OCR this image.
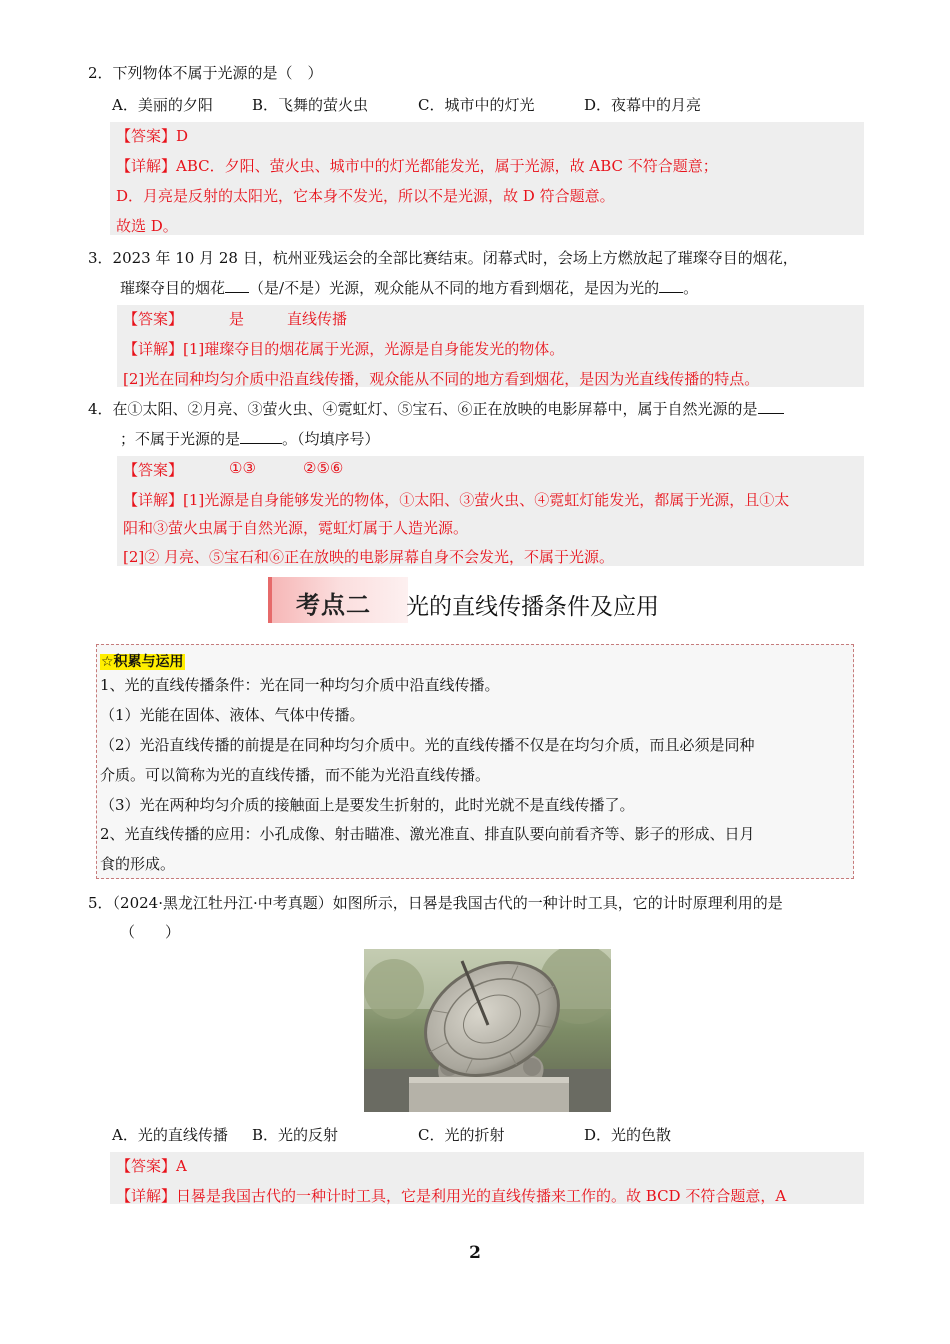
2．下列物体不属于光源的是（　）
A．美丽的夕阳	B．飞舞的萤火虫	C．城市中的灯光	D．夜幕中的月亮
【答案】D
【详解】ABC．夕阳、萤火虫、城市中的灯光都能发光，属于光源，故 ABC 不符合题意；
D．月亮是反射的太阳光，它本身不发光，所以不是光源，故 D 符合题意。
故选 D。
3．2023 年 10 月 28 日，杭州亚残运会的全部比赛结束。闭幕式时，会场上方燃放起了璀璨夺目的烟花，
璀璨夺目的烟花 （是/不是）光源，观众能从不同的地方看到烟花，是因为光的 。
【答案】	是	直线传播
【详解】[1]璀璨夺目的烟花属于光源，光源是自身能发光的物体。
[2]光在同种均匀介质中沿直线传播，观众能从不同的地方看到烟花，是因为光直线传播的特点。
4．在①太阳、②月亮、③萤火虫、④霓虹灯、⑤宝石、⑥正在放映的电影屏幕中，属于自然光源的是
；不属于光源的是	。（均填序号）
【答案】	①③	②⑤⑥
【详解】[1]光源是自身能够发光的物体，①太阳、③萤火虫、④霓虹灯能发光，都属于光源，且①太
阳和③萤火虫属于自然光源，霓虹灯属于人造光源。
[2]② 月亮、⑤宝石和⑥正在放映的电影屏幕自身不会发光，不属于光源。
考点二 光的直线传播条件及应用
☆积累与运用
1、光的直线传播条件：光在同一种均匀介质中沿直线传播。
（1）光能在固体、液体、气体中传播。
（2）光沿直线传播的前提是在同种均匀介质中。光的直线传播不仅是在均匀介质，而且必须是同种
介质。可以简称为光的直线传播，而不能为光沿直线传播。
（3）光在两种均匀介质的接触面上是要发生折射的，此时光就不是直线传播了。
2、光直线传播的应用：小孔成像、射击瞄准、激光准直、排直队要向前看齐等、影子的形成、日月
食的形成。
5．（2024·黑龙江牡丹江·中考真题）如图所示，日晷是我国古代的一种计时工具，它的计时原理利用的是
（　　）
A．光的直线传播 B．光的反射	C．光的折射	D．光的色散
【答案】A
【详解】日晷是我国古代的一种计时工具，它是利用光的直线传播来工作的。故 BCD 不符合题意，A
2
